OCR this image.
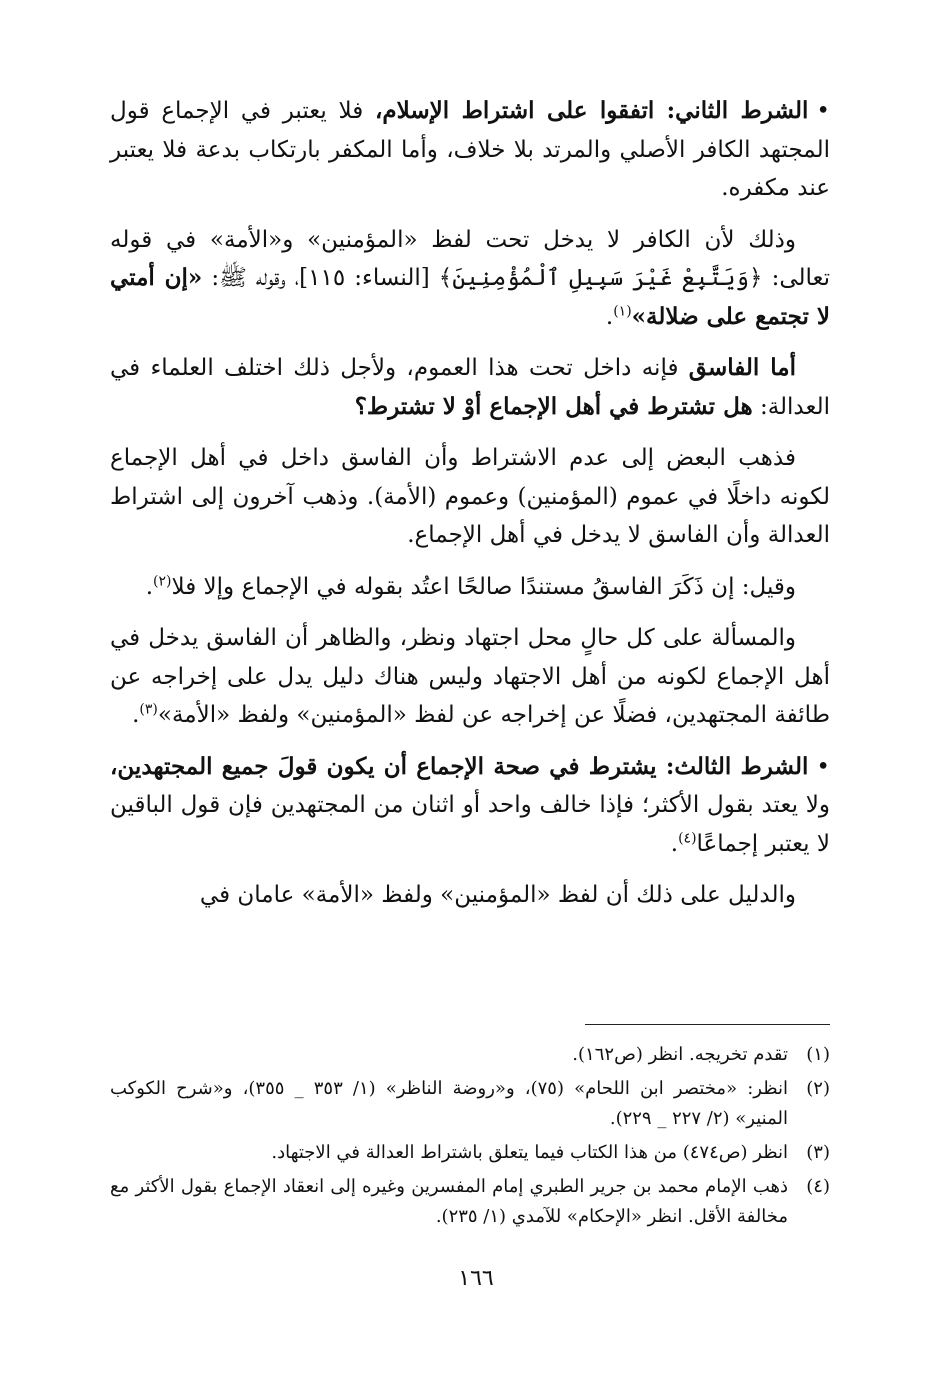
•الشرط الثاني: اتفقوا على اشتراط الإسلام، فلا يعتبر في الإجماع قول المجتهد الكافر الأصلي والمرتد بلا خلاف، وأما المكفر بارتكاب بدعة فلا يعتبر عند مكفره.

وذلك لأن الكافر لا يدخل تحت لفظ «المؤمنين» و«الأمة» في قوله تعالى: ﴿وَيَتَّبِعْ غَيْرَ سَبِيلِ ٱلْمُؤْمِنِينَ﴾ [النساء: ١١٥]، وقوله ﷺ: «إن أمتي لا تجتمع على ضلالة»$^{(١)}$.

أما الفاسق فإنه داخل تحت هذا العموم، ولأجل ذلك اختلف العلماء في العدالة: هل تشترط في أهل الإجماع أوْ لا تشترط؟

فذهب البعض إلى عدم الاشتراط وأن الفاسق داخل في أهل الإجماع لكونه داخلًا في عموم (المؤمنين) وعموم (الأمة). وذهب آخرون إلى اشتراط العدالة وأن الفاسق لا يدخل في أهل الإجماع.

وقيل: إن ذَكَرَ الفاسقُ مستندًا صالحًا اعتُد بقوله في الإجماع وإلا فلا$^{(٢)}$.

والمسألة على كل حالٍ محل اجتهاد ونظر، والظاهر أن الفاسق يدخل في أهل الإجماع لكونه من أهل الاجتهاد وليس هناك دليل يدل على إخراجه عن طائفة المجتهدين، فضلًا عن إخراجه عن لفظ «المؤمنين» ولفظ «الأمة»$^{(٣)}$.

•الشرط الثالث: يشترط في صحة الإجماع أن يكون قولَ جميع المجتهدين، ولا يعتد بقول الأكثر؛ فإذا خالف واحد أو اثنان من المجتهدين فإن قول الباقين لا يعتبر إجماعًا$^{(٤)}$.

والدليل على ذلك أن لفظ «المؤمنين» ولفظ «الأمة» عامان في

(١)
تقدم تخريجه. انظر (ص١٦٢).
(٢)
انظر: «مختصر ابن اللحام» (٧٥)، و«روضة الناظر» (١/ ٣٥٣ _ ٣٥٥)، و«شرح الكوكب المنير» (٢/ ٢٢٧ _ ٢٢٩).
(٣)
انظر (ص٤٧٤) من هذا الكتاب فيما يتعلق باشتراط العدالة في الاجتهاد.
(٤)
ذهب الإمام محمد بن جرير الطبري إمام المفسرين وغيره إلى انعقاد الإجماع بقول الأكثر مع مخالفة الأقل. انظر «الإحكام» للآمدي (١/ ٢٣٥).
١٦٦
